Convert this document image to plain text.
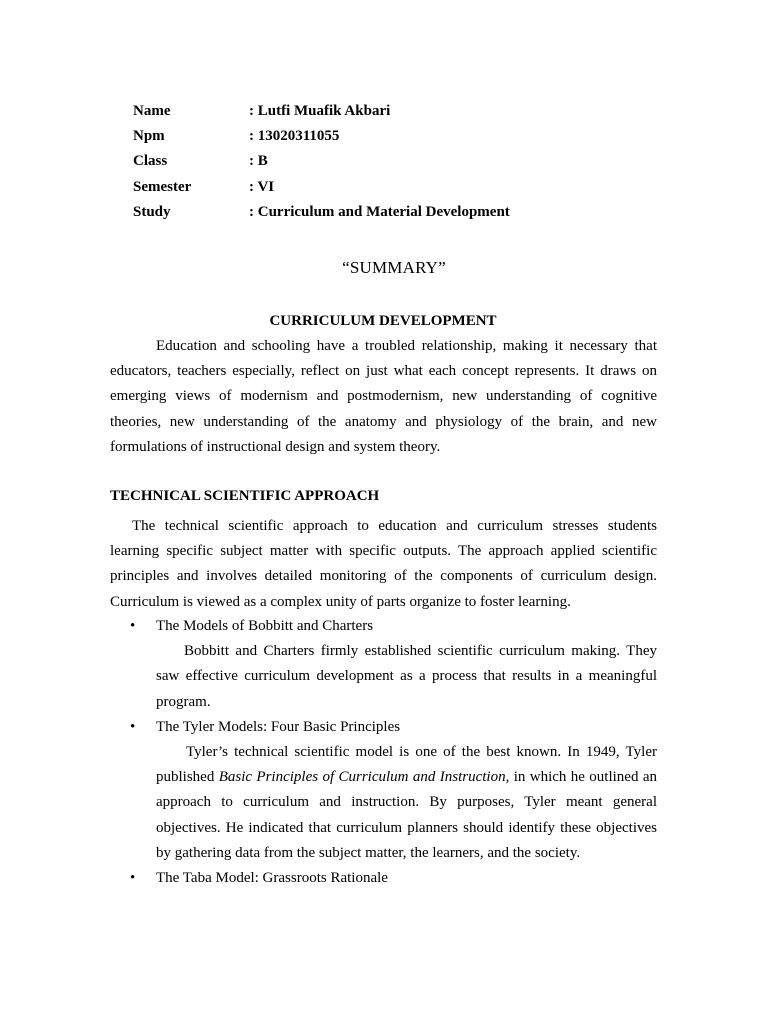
Name	: Lutfi Muafik Akbari
Npm	: 13020311055
Class	: B
Semester	: VI
Study	: Curriculum and Material Development
“SUMMARY”
CURRICULUM DEVELOPMENT
Education and schooling have a troubled relationship, making it necessary that educators, teachers especially, reflect on just what each concept represents. It draws on emerging views of modernism and postmodernism, new understanding of cognitive theories, new understanding of the anatomy and physiology of the brain, and new formulations of instructional design and system theory.
TECHNICAL SCIENTIFIC APPROACH
The technical scientific approach to education and curriculum stresses students learning specific subject matter with specific outputs. The approach applied scientific principles and involves detailed monitoring of the components of curriculum design. Curriculum is viewed as a complex unity of parts organize to foster learning.
• The Models of Bobbitt and Charters
Bobbitt and Charters firmly established scientific curriculum making. They saw effective curriculum development as a process that results in a meaningful program.
• The Tyler Models: Four Basic Principles
Tyler’s technical scientific model is one of the best known. In 1949, Tyler published Basic Principles of Curriculum and Instruction, in which he outlined an approach to curriculum and instruction. By purposes, Tyler meant general objectives. He indicated that curriculum planners should identify these objectives by gathering data from the subject matter, the learners, and the society.
• The Taba Model: Grassroots Rationale
